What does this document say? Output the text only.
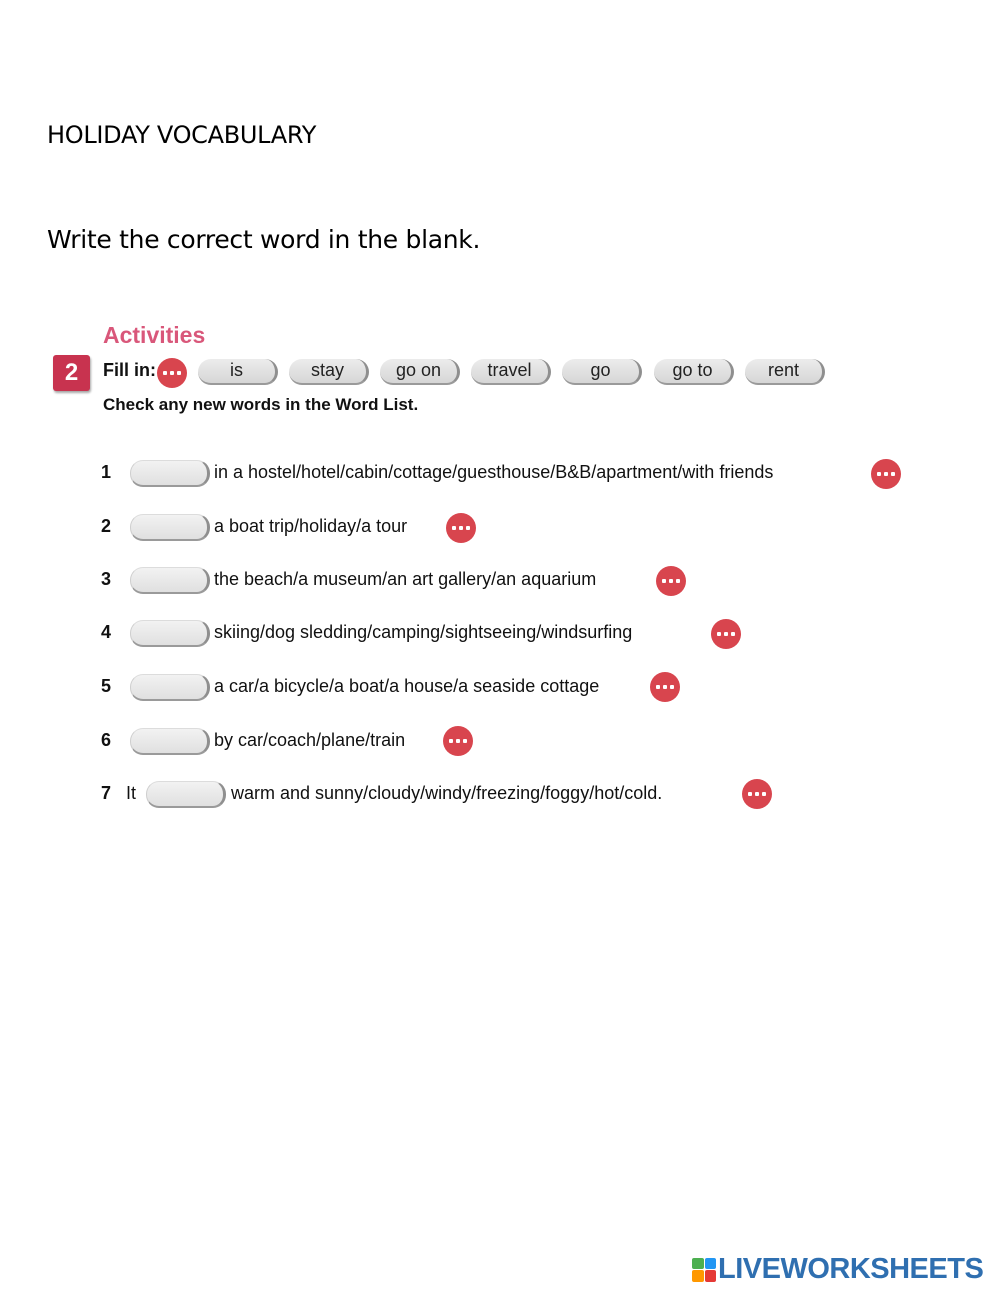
HOLIDAY VOCABULARY
Write the correct word in the blank.
Activities
2	Fill in:	is	stay	go on	travel	go	go to	rent
Check any new words in the Word List.
1	in a hostel/hotel/cabin/cottage/guesthouse/B&B/apartment/with friends
2	a boat trip/holiday/a tour
3	the beach/a museum/an art gallery/an aquarium
4	skiing/dog sledding/camping/sightseeing/windsurfing
5	a car/a bicycle/a boat/a house/a seaside cottage
6	by car/coach/plane/train
7 It	warm and sunny/cloudy/windy/freezing/foggy/hot/cold.
LIVEWORKSHEETS
